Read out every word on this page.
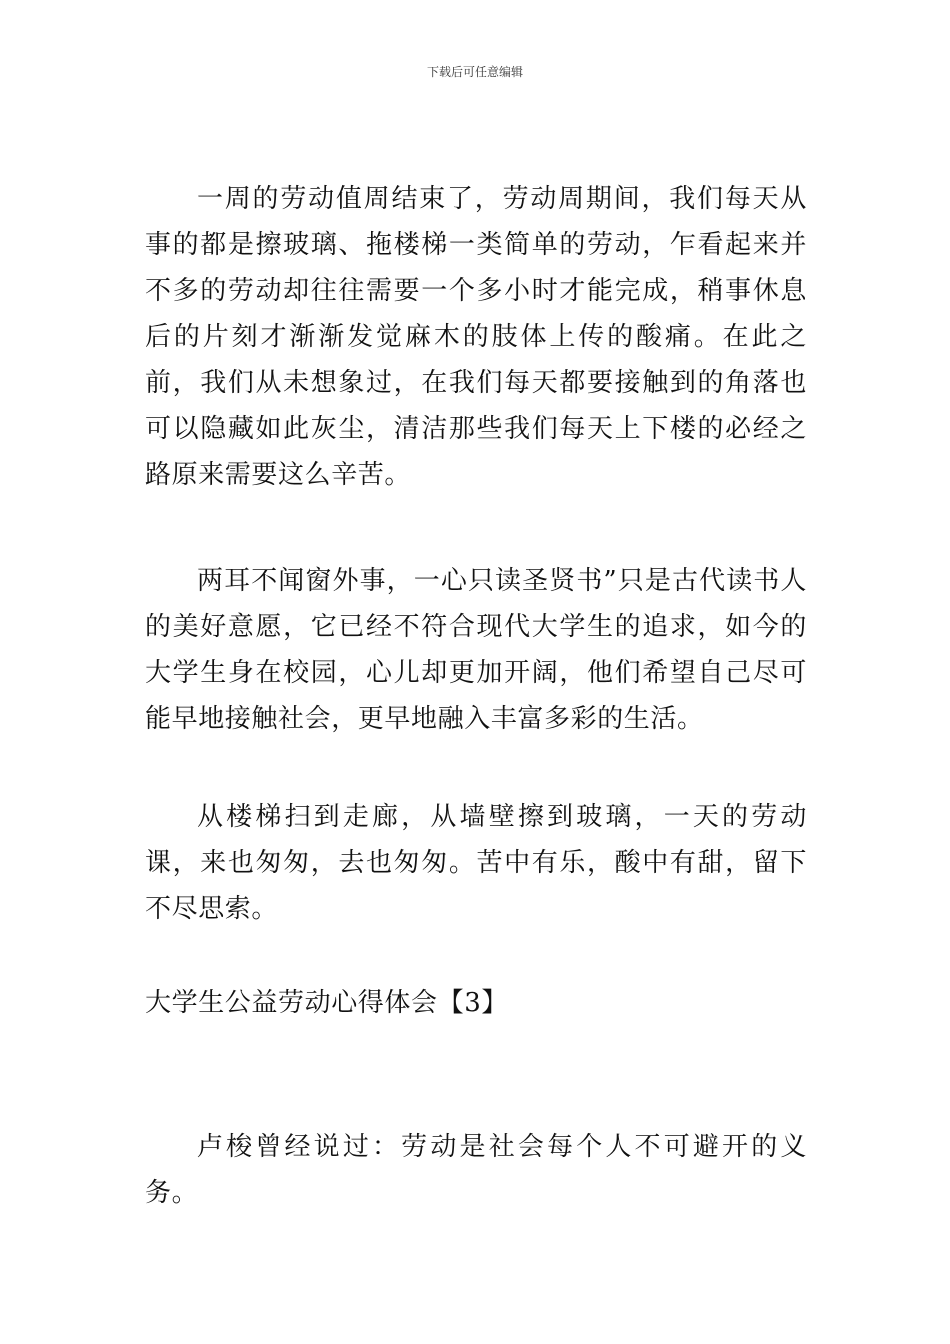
下载后可任意编辑

一周的劳动值周结束了，劳动周期间，我们每天从事的都是擦玻璃、拖楼梯一类简单的劳动，乍看起来并不多的劳动却往往需要一个多小时才能完成，稍事休息后的片刻才渐渐发觉麻木的肢体上传的酸痛。在此之前，我们从未想象过，在我们每天都要接触到的角落也可以隐藏如此灰尘，清洁那些我们每天上下楼的必经之路原来需要这么辛苦。

两耳不闻窗外事，一心只读圣贤书”只是古代读书人的美好意愿，它已经不符合现代大学生的追求，如今的大学生身在校园，心儿却更加开阔，他们希望自己尽可能早地接触社会，更早地融入丰富多彩的生活。

从楼梯扫到走廊，从墙壁擦到玻璃，一天的劳动课，来也匆匆，去也匆匆。苦中有乐，酸中有甜，留下不尽思索。

大学生公益劳动心得体会【3】

卢梭曾经说过：劳动是社会每个人不可避开的义务。
